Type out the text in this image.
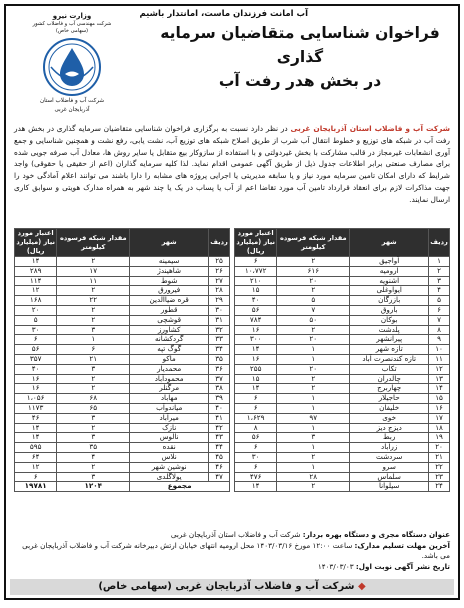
آب امانت فرزندان ماست، امانتدار باشیم
فراخوان شناسایی متقاضیان سرمایه گذاری
در بخش هدر رفت آب
وزارت نیرو
شرکت مهندسی آب و فاضلاب کشور
(سهامی خاص)
شرکت آب و فاضلاب استان
آذربایجان غربی
شرکت آب و فاضلاب استان آذربایجان غربی در نظر دارد نسبت به برگزاری فراخوان شناسایی متقاضیان سرمایه گذاری در بخش هدر رفت آب در شبکه های توزیع و خطوط انتقال آب شرب از طریق اصلاح شبکه های توزیع آب، نشت یابی، رفع نشت و همچنین شناسایی و جمع آوری انشعابات غیرمجاز در قالب مشارکت با بخش غیردولتی و با استفاده از سازوکار بیع متقابل یا سایر روش ها، معادل آب صرفه جویی شده برای مصارف صنعتی برابر اطلاعات جدول ذیل از طریق آگهی عمومی اقدام نماید. لذا کلیه سرمایه گذاران (اعم از حقیقی یا حقوقی) واجد شرایط که دارای امکان تامین سرمایه مورد نیاز و یا سابقه مدیریتی یا اجرایی پروژه های مشابه را دارا باشند می توانند اعلام آمادگی خود را جهت مذاکرات لازم برای انعقاد قرارداد تامین آب مورد تقاضا اعم از آب یا پساب در یک یا چند شهر به همراه مدارک هویتی و سوابق کاری ارسال نمایند.
ردیف	شهر	مقدار شبکه فرسوده کیلومتر	اعتبار مورد نیاز (میلیارد ریال)
۱	آواجیق	۲	۶
۲	ارومیه	۶۱۶	۱۰،۷۷۲
۳	اشنویه	۲۰	۲۱۰
۴	ایواوغلی	۲	۱۵
۵	بازرگان	۵	۴۰
۶	باروق	۷	۵۶
۷	بوکان	۵۰	۷۸۴
۸	پلدشت	۲	۱۶
۹	پیرانشهر	۲۰	۳۰۰
۱۰	تازه شهر	۱	۱۴
۱۱	تازه کندنصرت آباد	۱	۱۶
۱۲	تکاب	۲۰	۲۵۵
۱۳	چالدران	۲	۱۵
۱۴	چهاربرج	۲	۱۴
۱۵	حاجیلار	۱	۶
۱۶	خلیفان	۱	۶
۱۷	خوی	۹۷	۱،۶۲۹
۱۸	دیزج دیز	۱	۸
۱۹	ربط	۳	۵۶
۲۰	زرآباد	۱	۶
۲۱	سردشت	۲	۳۰
۲۲	سرو	۱	۶
۲۳	سلماس	۲۸	۴۷۶
۲۴	سیلوانا	۲	۱۴
ردیف	شهر	مقدار شبکه فرسوده کیلومتر	اعتبار مورد نیاز (میلیارد ریال)
۲۵	سیمینه	۲	۱۴
۲۶	شاهیندژ	۱۷	۲۸۹
۲۷	شوط	۱۱	۱۱۴
۲۸	فیرورق	۲	۱۲
۲۹	قره ضیاالدین	۲۲	۱۶۸
۳۰	قطور	۲	۲۰
۳۱	قوشچی	۲	۵
۳۲	کشاورز	۳	۳۰
۳۳	گردکشانه	۱	۶
۳۴	گوگ تپه	۶	۵۶
۳۵	ماکو	۲۱	۳۵۷
۳۶	محمدیار	۳	۴۰
۳۷	محمودآباد	۲	۱۶
۳۸	مرگنلر	۲	۱۶
۳۹	مهاباد	۶۸	۱،۰۵۶
۴۰	میاندوآب	۶۵	۱۱۷۳
۴۱	میرآباد	۳	۴۶
۴۲	نازک	۲	۱۴
۴۳	نالوس	۳	۱۴
۴۴	نقده	۳۵	۵۹۵
۴۵	نلاس	۴	۶۴
۴۶	نوشین شهر	۲	۱۲
۴۷	یولاگلدی	۳	۶
مجموع		۱۲۰۴	۱۹۷۸۱
عنوان دستگاه مجری و دستگاه بهره بردار: شرکت آب و فاضلاب استان آذربایجان غربی
آخرین مهلت تسلیم مدارک: ساعت ۱۲:۰۰ مورخ ۱۴۰۳/۰۳/۱۶ محل ارومیه انتهای خیابان ارتش دبیرخانه شرکت آب و فاضلاب آذربایجان غربی می باشد.
تاریخ نشر آگهی نوبت اول: ۱۴۰۳/۰۳/۰۳
◆ شرکت آب و فاضلاب آذربایجان غربی (سهامی خاص)
